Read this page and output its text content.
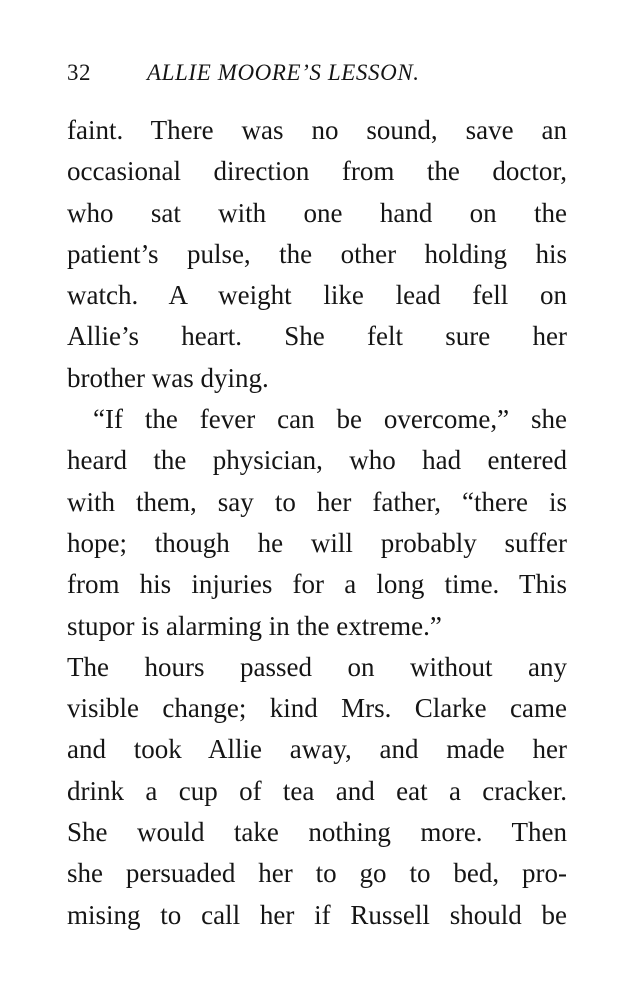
32 ALLIE MOORE’S LESSON.

faint. There was no sound, save an
occasional direction from the doctor,
who sat with one hand on the
patient’s pulse, the other holding his
watch. A weight like lead fell on
Allie’s heart. She felt sure her
brother was dying.

“If the fever can be overcome,” she
heard the physician, who had entered
with them, say to her father, “there is
hope; though he will probably suffer
from his injuries for a long time. This
stupor is alarming in the extreme.”

The hours passed on without any
visible change; kind Mrs. Clarke came
and took Allie away, and made her
drink a cup of tea and eat a cracker.
She would take nothing more. Then
she persuaded her to go to bed, pro-
mising to call her if Russell should be
